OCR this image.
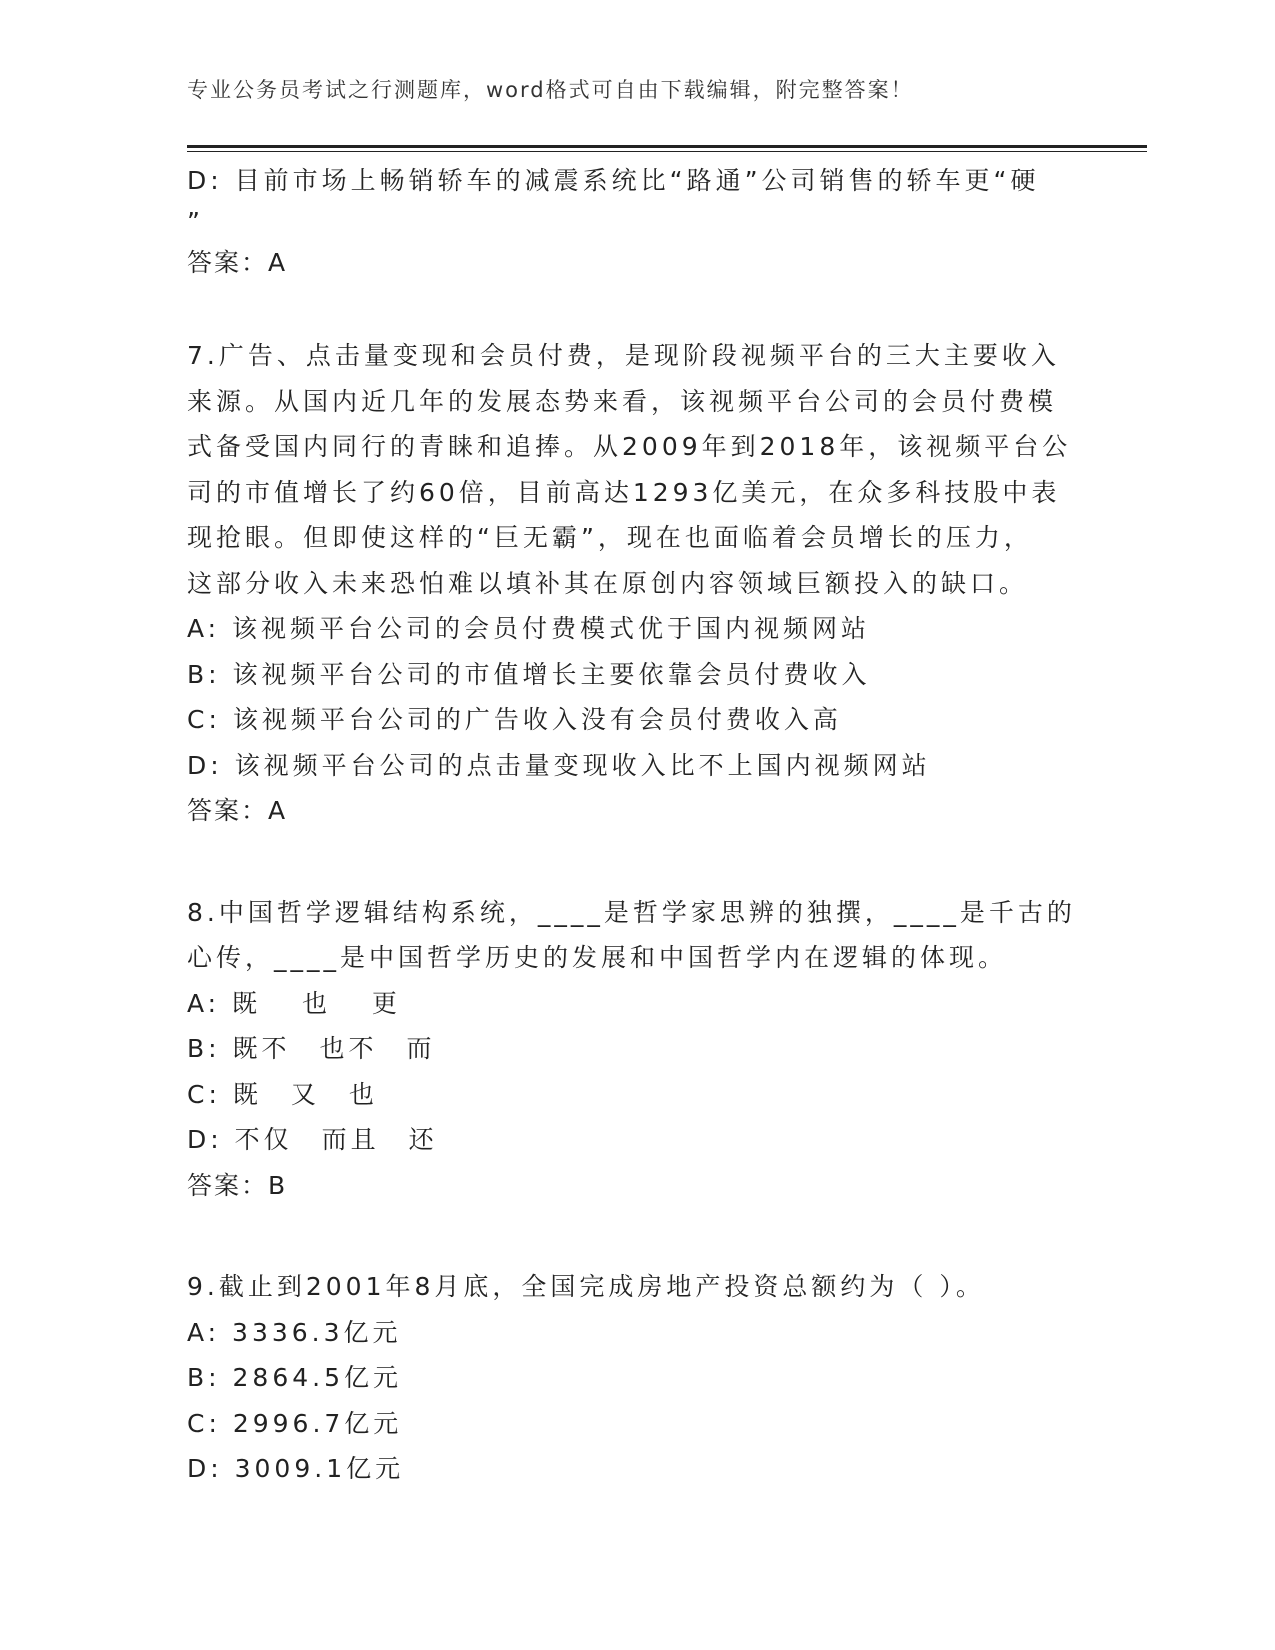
专业公务员考试之行测题库，word格式可自由下载编辑，附完整答案！
D: 目前市场上畅销轿车的减震系统比“路通”公司销售的轿车更“硬
”
答案：A
7.广告、点击量变现和会员付费，是现阶段视频平台的三大主要收入
来源。从国内近几年的发展态势来看，该视频平台公司的会员付费模
式备受国内同行的青睐和追捧。从2009年到2018年，该视频平台公
司的市值增长了约60倍，目前高达1293亿美元，在众多科技股中表
现抢眼。但即使这样的“巨无霸”，现在也面临着会员增长的压力，
这部分收入未来恐怕难以填补其在原创内容领域巨额投入的缺口。
A: 该视频平台公司的会员付费模式优于国内视频网站
B: 该视频平台公司的市值增长主要依靠会员付费收入
C: 该视频平台公司的广告收入没有会员付费收入高
D: 该视频平台公司的点击量变现收入比不上国内视频网站
答案：A
8.中国哲学逻辑结构系统，____是哲学家思辨的独撰，____是千古的
心传，____是中国哲学历史的发展和中国哲学内在逻辑的体现。
A: 既　 也　 更
B: 既不　也不　而
C: 既　又　也
D: 不仅　而且　还
答案：B
9.截止到2001年8月底，全国完成房地产投资总额约为（ ）。
A: 3336.3亿元
B: 2864.5亿元
C: 2996.7亿元
D: 3009.1亿元
